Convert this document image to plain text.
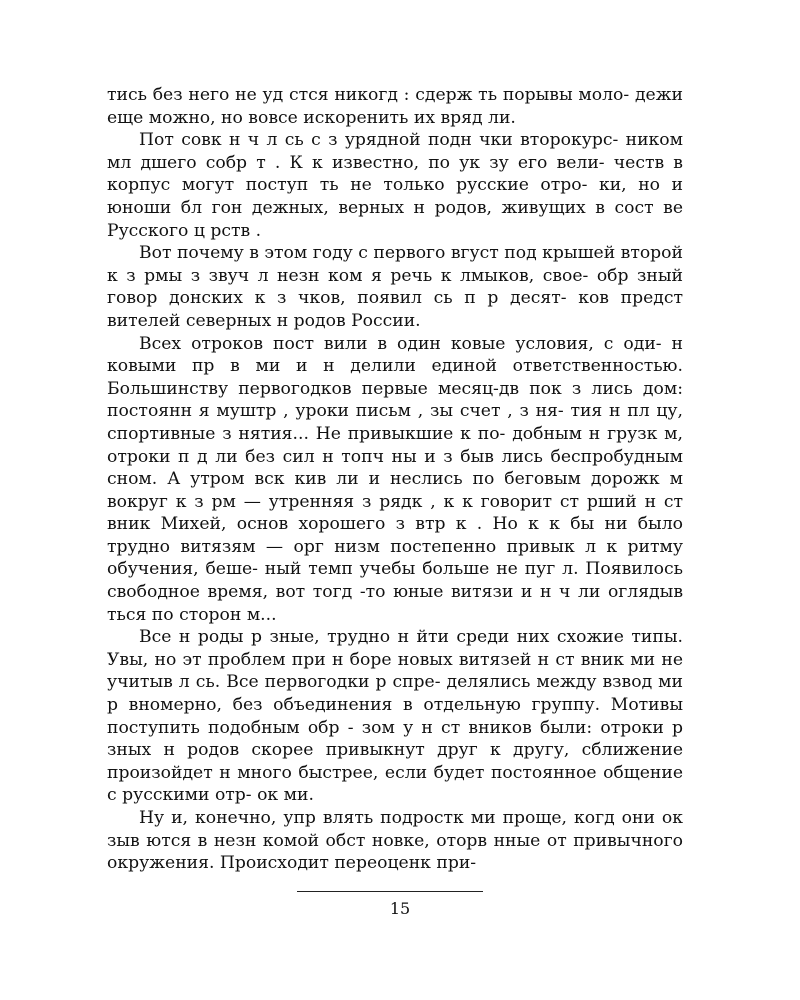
тись без него не уд стся никогд : сдерж ть порывы моло- дежи еще можно, но вовсе искоренить их вряд ли.

Пот совк н ч л сь с з урядной подн чки второкурс- ником мл дшего собр т . К к известно, по ук зу его вели- честв в корпус могут поступ ть не только русские отро- ки, но и юноши бл гон дежных, верных н родов, живущих в сост ве Русского ц рств .

Вот почему в этом году с первого вгуст под крышей второй к з рмы з звуч л незн ком я речь к лмыков, свое- обр зный говор донских к з чков, появил сь п р десят- ков предст вителей северных н родов России.

Всех отроков пост вили в один ковые условия, с оди- н ковыми пр в ми и н делили единой ответственностью. Большинству первогодков первые месяц-дв пок з лись дом: постоянн я муштр , уроки письм , зы счет , з ня- тия н пл цу, спортивные з нятия... Не привыкшие к по- добным н грузк м, отроки п д ли без сил н топч ны и з быв лись беспробудным сном. А утром вск кив ли и неслись по беговым дорожк м вокруг к з рм — утренняя з рядк , к к говорит ст рший н ст вник Михей, основ хорошего з втр к . Но к к бы ни было трудно витязям — орг низм постепенно привык л к ритму обучения, беше- ный темп учебы больше не пуг л. Появилось свободное время, вот тогд -то юные витязи и н ч ли оглядыв ться по сторон м...

Все н роды р зные, трудно н йти среди них схожие типы. Увы, но эт проблем при н боре новых витязей н ст вник ми не учитыв л сь. Все первогодки р спре- делялись между взвод ми р вномерно, без объединения в отдельную группу. Мотивы поступить подобным обр - зом у н ст вников были: отроки р зных н родов скорее привыкнут друг к другу, сближение произойдет н много быстрее, если будет постоянное общение с русскими отр- ок ми.

Ну и, конечно, упр влять подростк ми проще, когд они ок зыв ются в незн комой обст новке, оторв нные от привычного окружения. Происходит переоценк при-

15
